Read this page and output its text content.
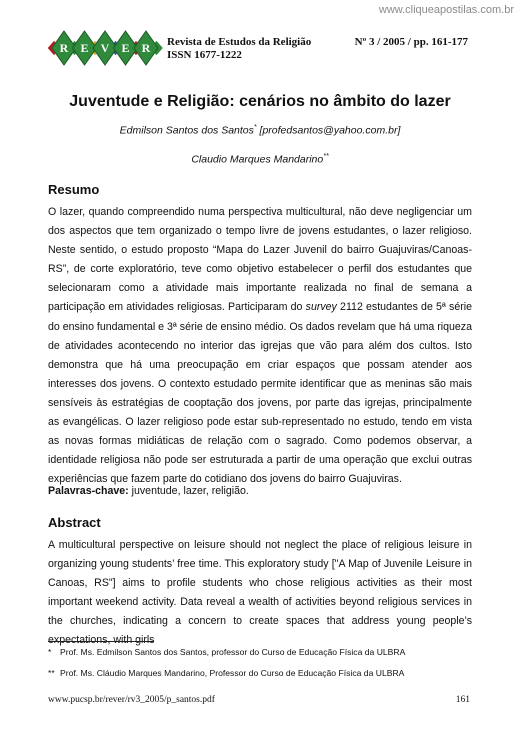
www.cliqueapostilas.com.br
R E V E R Revista de Estudos da Religião
ISSN 1677-1222
Nº 3 / 2005 / pp. 161-177
Juventude e Religião: cenários no âmbito do lazer
Edmilson Santos dos Santos* [profedsantos@yahoo.com.br]
Claudio Marques Mandarino**
Resumo

O lazer, quando compreendido numa perspectiva multicultural, não deve negligenciar um dos aspectos que tem organizado o tempo livre de jovens estudantes, o lazer religioso. Neste sentido, o estudo proposto “Mapa do Lazer Juvenil do bairro Guajuviras/Canoas-RS”, de corte exploratório, teve como objetivo estabelecer o perfil dos estudantes que selecionaram como a atividade mais importante realizada no final de semana a participação em atividades religiosas. Participaram do survey 2112 estudantes de 5ª série do ensino fundamental e 3ª série de ensino médio. Os dados revelam que há uma riqueza de atividades acontecendo no interior das igrejas que vão para além dos cultos. Isto demonstra que há uma preocupação em criar espaços que possam atender aos interesses dos jovens. O contexto estudado permite identificar que as meninas são mais sensíveis às estratégias de cooptação dos jovens, por parte das igrejas, principalmente as evangélicas. O lazer religioso pode estar sub-representado no estudo, tendo em vista as novas formas midiáticas de relação com o sagrado. Como podemos observar, a identidade religiosa não pode ser estruturada a partir de uma operação que exclui outras experiências que fazem parte do cotidiano dos jovens do bairro Guajuviras.

Palavras-chave: juventude, lazer, religião.
Abstract

A multicultural perspective on leisure should not neglect the place of religious leisure in organizing young students’ free time. This exploratory study ["A Map of Juvenile Leisure in Canoas, RS"] aims to profile students who chose religious activities as their most important weekend activity. Data reveal a wealth of activities beyond religious services in the churches, indicating a concern to create spaces that address young people’s expectations, with girls

* Prof. Ms. Edmilson Santos dos Santos, professor do Curso de Educação Física da ULBRA
** Prof. Ms. Cláudio Marques Mandarino, Professor do Curso de Educação Física da ULBRA
www.pucsp.br/rever/rv3_2005/p_santos.pdf	161
